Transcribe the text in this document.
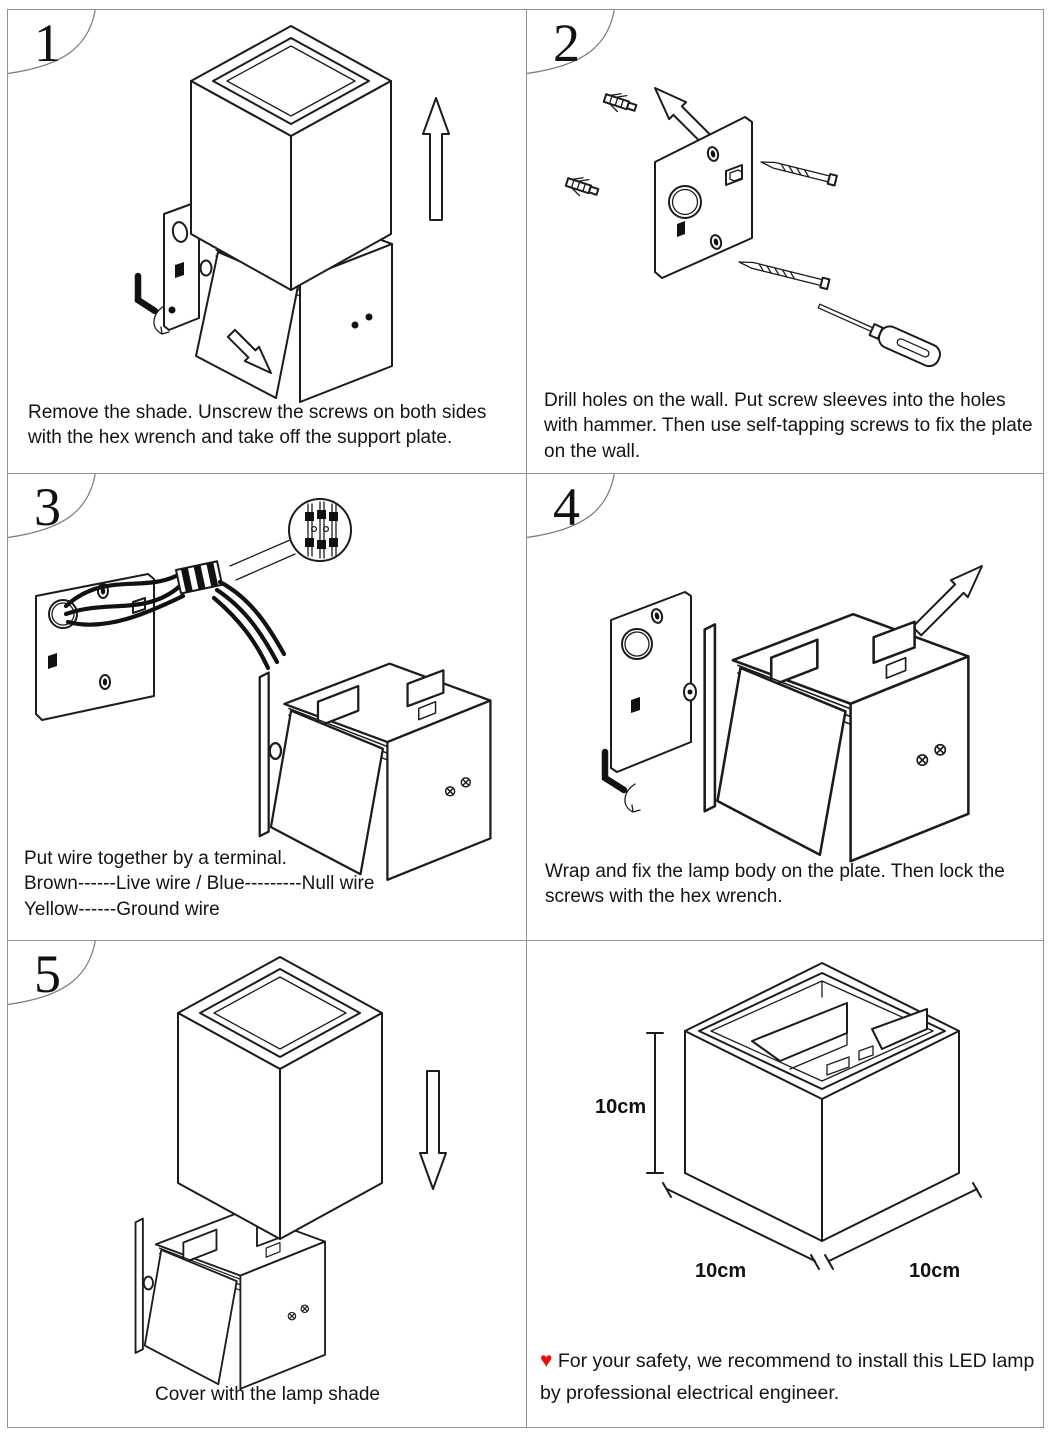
1
Remove the shade. Unscrew the screws on both sides with the hex wrench and take off the support plate.
2
Drill holes on the wall. Put screw sleeves into the holes with hammer. Then use self-tapping screws to fix the plate on the wall.
3
Put wire together by a terminal.
Brown------Live wire / Blue---------Null wire
Yellow------Ground wire
4
Wrap and fix the lamp body on the plate. Then lock the screws with the hex wrench.
5
Cover with the lamp shade
10cm
10cm	10cm
♥ For your safety, we recommend to install this LED lamp by professional electrical engineer.
